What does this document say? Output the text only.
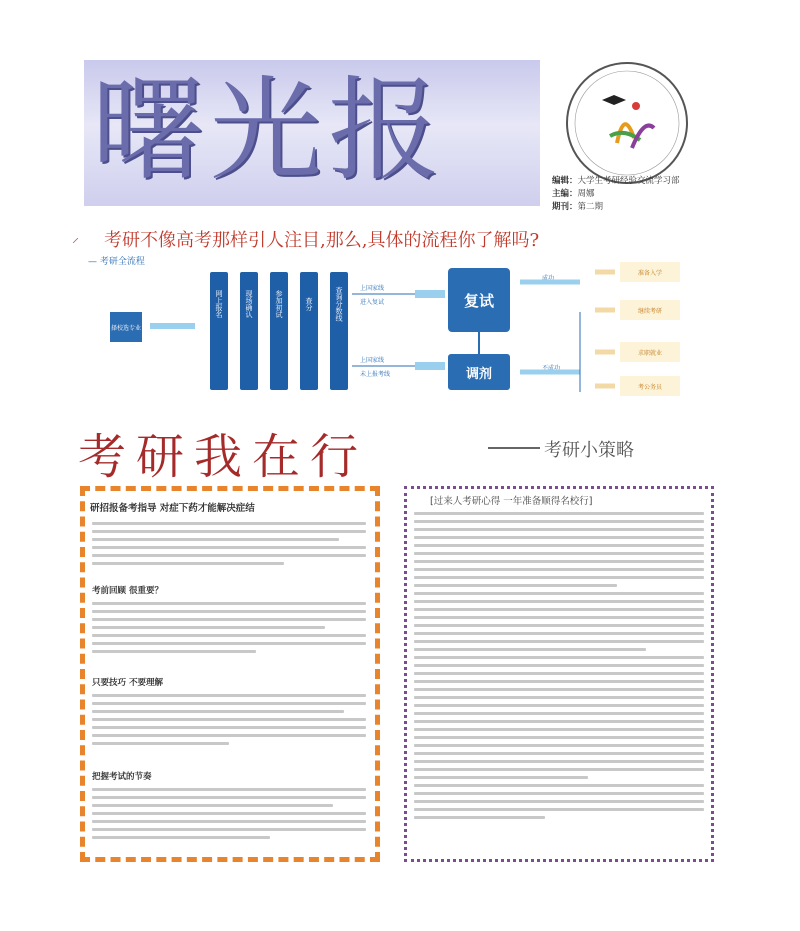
曙光报	编辑：大学生考研经验交流学习部
主编：周娜
期刊：第二期
⸝ 考研不像高考那样引人注目,那么,具体的流程你了解吗?
— 考研全流程
择校选专业
网上报名	现场确认	参加初试	查分	查询分数线	上国家线
进入复试
上国家线
未上报考线
复试
调剂
成功
不成功
准备入学
继续考研
求职就业
考公务员
考研我在行	考研小策略
研招报备考指导 对症下药才能解决症结
考前回顾 很重要？
只要技巧 不要理解
把握考试的节奏
[过来人考研心得 一年准备顺得名校行]
